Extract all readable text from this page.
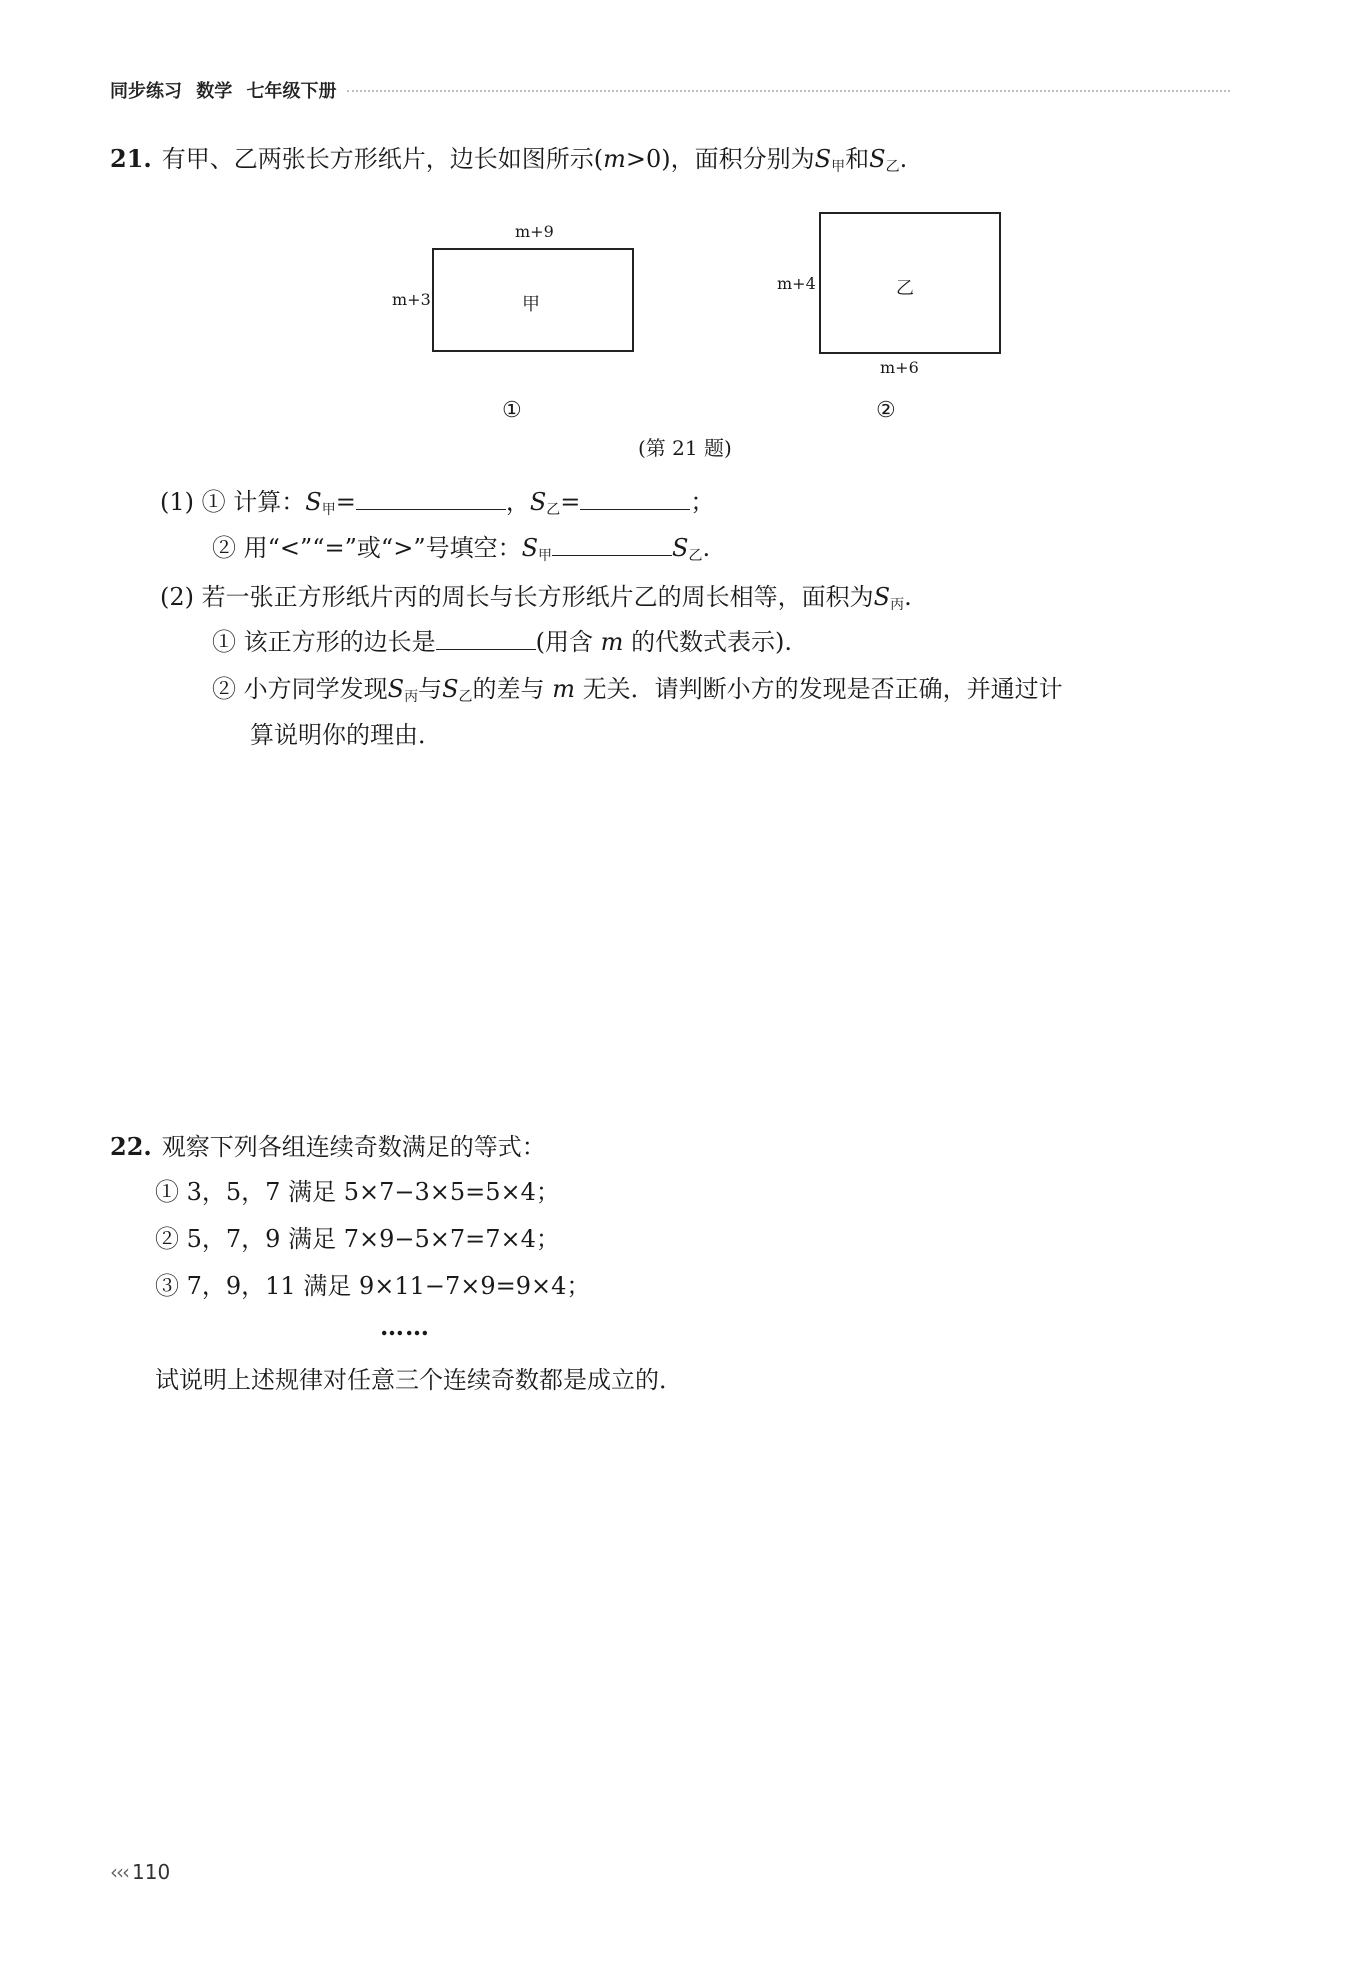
同步练习 数学 七年级下册
21. 有甲、乙两张长方形纸片，边长如图所示(m>0)，面积分别为$S_甲$和$S_乙$.
m+9
m+3	甲
①
m+4	乙
m+6
②
(第 21 题)
(1) ① 计算：$S_甲=$	，$S_乙=$	；
② 用“<”“=”或“>”号填空：$S_甲$	$S_乙$.
(2) 若一张正方形纸片丙的周长与长方形纸片乙的周长相等，面积为$S_丙$.
① 该正方形的边长是	(用含 m 的代数式表示).
② 小方同学发现$S_丙$与$S_乙$的差与 m 无关．请判断小方的发现是否正确，并通过计
算说明你的理由．
22. 观察下列各组连续奇数满足的等式：
① 3，5，7 满足 5×7−3×5=5×4；
② 5，7，9 满足 7×9−5×7=7×4；
③ 7，9，11 满足 9×11−7×9=9×4；
……
试说明上述规律对任意三个连续奇数都是成立的．
‹‹‹ 110
